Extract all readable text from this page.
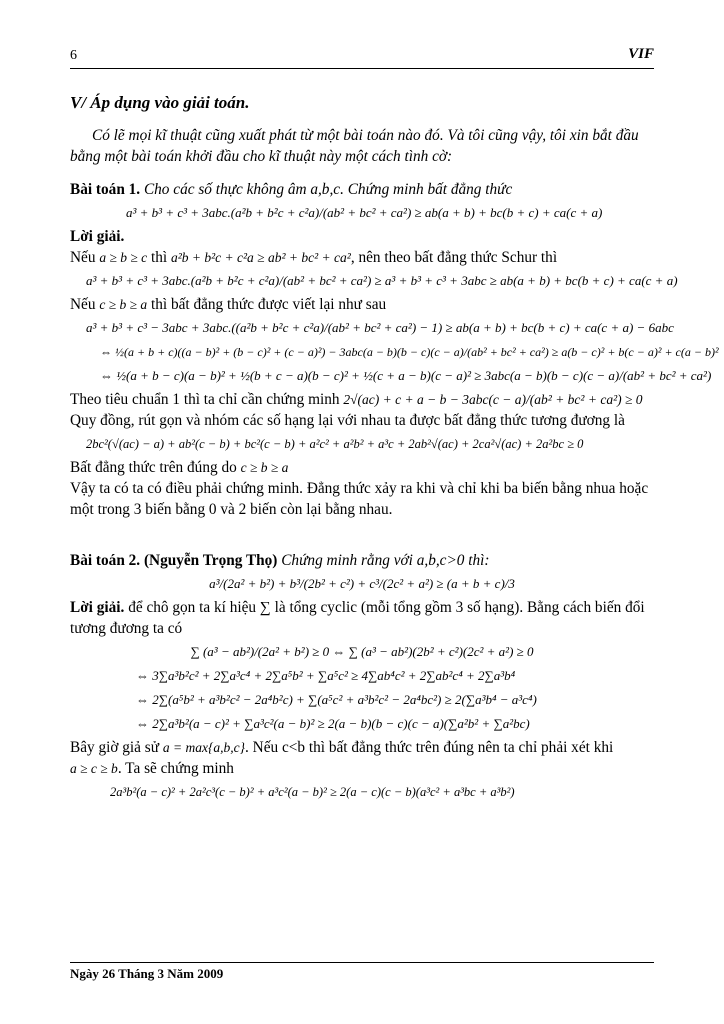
6	VIF
V/ Áp dụng vào giải toán.

Có lẽ mọi kĩ thuật cũng xuất phát từ một bài toán nào đó. Và tôi cũng vậy, tôi xin bắt đầu bằng một bài toán khởi đầu cho kĩ thuật này một cách tình cờ:

Bài toán 1. Cho các số thực không âm a,b,c. Chứng minh bất đẳng thức

a³ + b³ + c³ + 3abc.(a²b + b²c + c²a)/(ab² + bc² + ca²) ≥ ab(a + b) + bc(b + c) + ca(c + a)

Lời giải.

Nếu a ≥ b ≥ c thì a²b + b²c + c²a ≥ ab² + bc² + ca², nên theo bất đẳng thức Schur thì

a³ + b³ + c³ + 3abc.(a²b + b²c + c²a)/(ab² + bc² + ca²) ≥ a³ + b³ + c³ + 3abc ≥ ab(a + b) + bc(b + c) + ca(c + a)

Nếu c ≥ b ≥ a thì bất đẳng thức được viết lại như sau

a³ + b³ + c³ − 3abc + 3abc.((a²b + b²c + c²a)/(ab² + bc² + ca²) − 1) ≥ ab(a + b) + bc(b + c) + ca(c + a) − 6abc
⇔ ½(a + b + c)((a − b)² + (b − c)² + (c − a)²) − 3abc(a − b)(b − c)(c − a)/(ab² + bc² + ca²) ≥ a(b − c)² + b(c − a)² + c(a − b)²
⇔ ½(a + b − c)(a − b)² + ½(b + c − a)(b − c)² + ½(c + a − b)(c − a)² ≥ 3abc(a − b)(b − c)(c − a)/(ab² + bc² + ca²)

Theo tiêu chuẩn 1 thì ta chỉ cần chứng minh 2√(ac) + c + a − b − 3abc(c − a)/(ab² + bc² + ca²) ≥ 0

Quy đồng, rút gọn và nhóm các số hạng lại với nhau ta được bất đẳng thức tương đương là

2bc²(√(ac) − a) + ab²(c − b) + bc²(c − b) + a²c² + a²b² + a³c + 2ab²√(ac) + 2ca²√(ac) + 2a²bc ≥ 0

Bất đẳng thức trên đúng do c ≥ b ≥ a

Vậy ta có ta có điều phải chứng minh. Đẳng thức xảy ra khi và chỉ khi ba biến bằng nhua hoặc một trong 3 biến bằng 0 và 2 biến còn lại bằng nhau.

Bài toán 2. (Nguyễn Trọng Thọ) Chứng minh rằng với a,b,c>0 thì:

a³/(2a² + b²) + b³/(2b² + c²) + c³/(2c² + a²) ≥ (a + b + c)/3

Lời giải. để chô gọn ta kí hiệu ∑ là tổng cyclic (mỗi tổng gồm 3 số hạng). Bằng cách biến đổi tương đương ta có

∑ (a³ − ab²)/(2a² + b²) ≥ 0 ⇔ ∑ (a³ − ab²)(2b² + c²)(2c² + a²) ≥ 0
⇔ 3∑a³b²c² + 2∑a³c⁴ + 2∑a⁵b² + ∑a⁵c² ≥ 4∑ab⁴c² + 2∑ab²c⁴ + 2∑a³b⁴
⇔ 2∑(a⁵b² + a³b²c² − 2a⁴b²c) + ∑(a⁵c² + a³b²c² − 2a⁴bc²) ≥ 2(∑a³b⁴ − a³c⁴)
⇔ 2∑a³b²(a − c)² + ∑a³c²(a − b)² ≥ 2(a − b)(b − c)(c − a)(∑a²b² + ∑a²bc)

Bây giờ giả sử a = max{a,b,c}. Nếu c<b thì bất đẳng thức trên đúng nên ta chỉ phải xét khi a ≥ c ≥ b. Ta sẽ chứng minh

2a³b²(a − c)² + 2a²c³(c − b)² + a³c²(a − b)² ≥ 2(a − c)(c − b)(a³c² + a³bc + a³b²)
Ngày 26 Tháng 3 Năm 2009
